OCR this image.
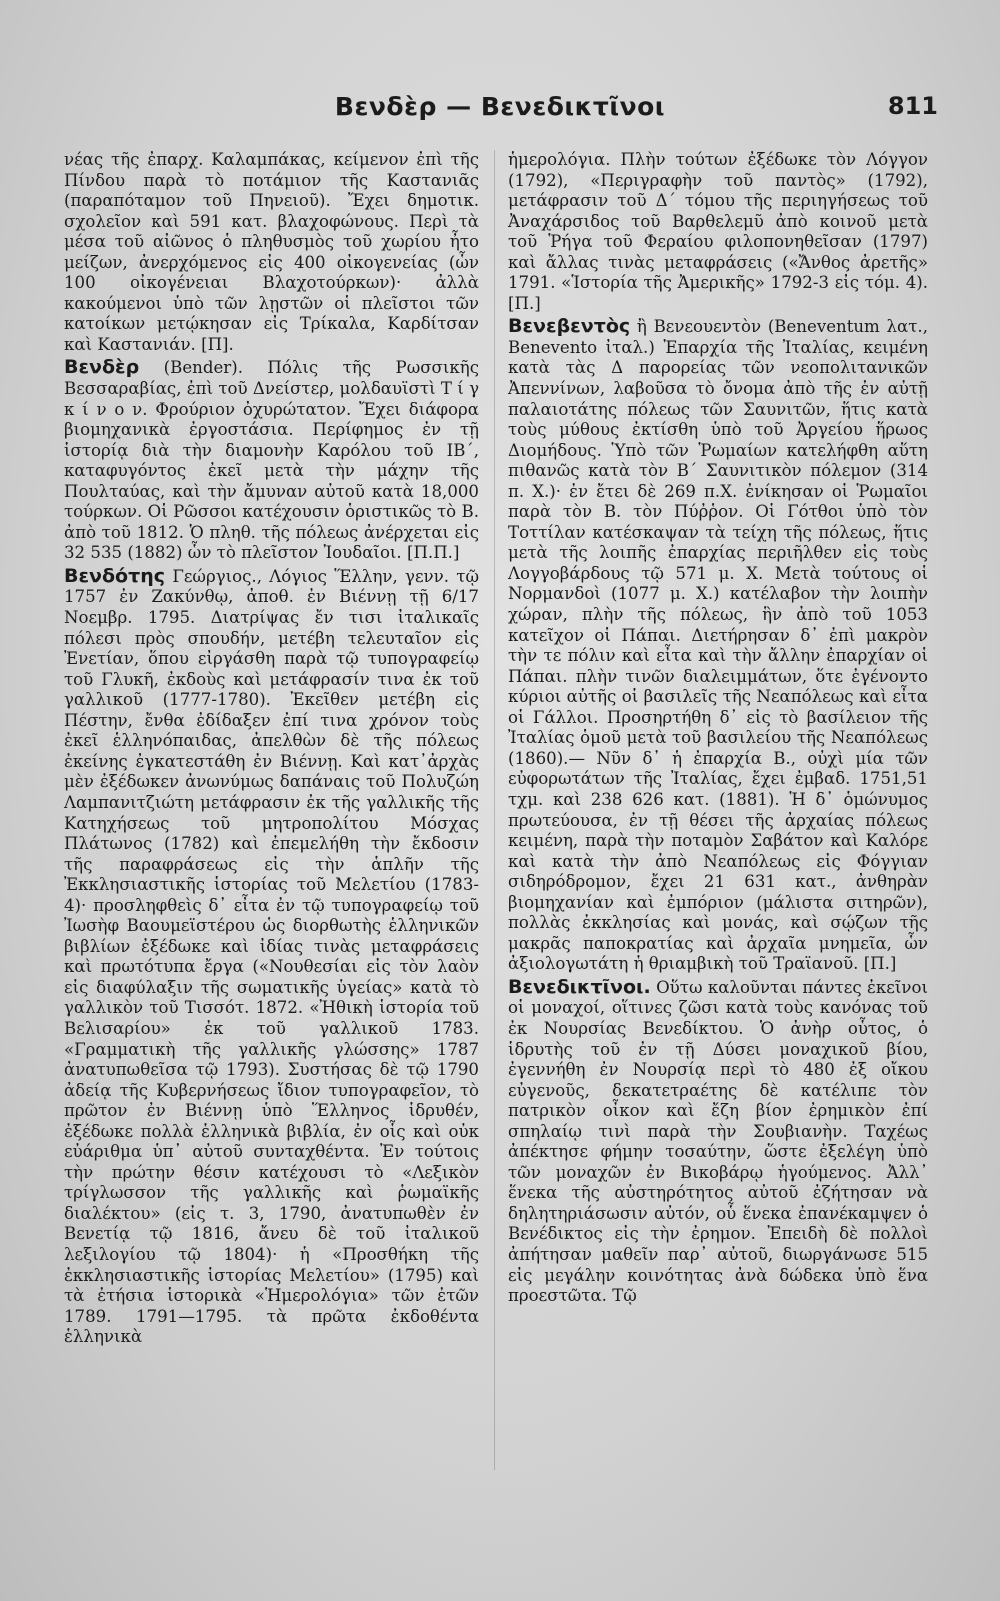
Βενδὲρ — Βενεδικτῖνοι	811

νέας τῆς ἐπαρχ. Καλαμπάκας, κείμενον ἐπὶ τῆς Πίνδου παρὰ τὸ ποτάμιον τῆς Καστανιᾶς (παραπόταμον τοῦ Πηνειοῦ). Ἔχει δημοτικ. σχολεῖον καὶ 591 κατ. βλαχοφώνους. Περὶ τὰ μέσα τοῦ αἰῶνος ὁ πληθυσμὸς τοῦ χωρίου ἦτο μείζων, ἀνερχόμενος εἰς 400 οἰκογενείας (ὧν 100 οἰκογένειαι Βλαχοτούρκων)· ἀλλὰ κακούμενοι ὑπὸ τῶν λῃστῶν οἱ πλεῖστοι τῶν κατοίκων μετῴκησαν εἰς Τρίκαλα, Καρδίτσαν καὶ Καστανιάν. [Π].

Βενδὲρ (Bender). Πόλις τῆς Ρωσσικῆς Βεσσαραβίας, ἐπὶ τοῦ Δνείστερ, μολδαυϊστὶ Τ ί γ κ ί ν ο ν. Φρούριον ὀχυρώτατον. Ἔχει διάφορα βιομηχανικὰ ἐργοστάσια. Περίφημος ἐν τῇ ἱστορίᾳ διὰ τὴν διαμονὴν Καρόλου τοῦ ΙΒ΄, καταφυγόντος ἐκεῖ μετὰ τὴν μάχην τῆς Πουλταύας, καὶ τὴν ἄμυναν αὐτοῦ κατὰ 18,000 τούρκων. Οἱ Ρῶσσοι κατέχουσιν ὁριστικῶς τὸ Β. ἀπὸ τοῦ 1812. Ὁ πληθ. τῆς πόλεως ἀνέρχεται εἰς 32 535 (1882) ὧν τὸ πλεῖστον Ἰουδαῖοι. [Π.Π.]

Βενδότης Γεώργιος., Λόγιος Ἕλλην, γενν. τῷ 1757 ἐν Ζακύνθῳ, ἀποθ. ἐν Βιέννῃ τῇ 6/17 Νοεμβρ. 1795. Διατρίψας ἔν τισι ἰταλικαῖς πόλεσι πρὸς σπουδήν, μετέβη τελευταῖον εἰς Ἐνετίαν, ὅπου εἰργάσθη παρὰ τῷ τυπογραφείῳ τοῦ Γλυκῆ, ἐκδοὺς καὶ μετάφρασίν τινα ἐκ τοῦ γαλλικοῦ (1777-1780). Ἐκεῖθεν μετέβη εἰς Πέστην, ἔνθα ἐδίδαξεν ἐπί τινα χρόνον τοὺς ἐκεῖ ἑλληνόπαιδας, ἀπελθὼν δὲ τῆς πόλεως ἐκείνης ἐγκατεστάθη ἐν Βιέννῃ. Καὶ κατ᾽ἀρχὰς μὲν ἐξέδωκεν ἀνωνύμως δαπάναις τοῦ Πολυζώη Λαμπανιτζιώτη μετάφρασιν ἐκ τῆς γαλλικῆς τῆς Κατηχήσεως τοῦ μητροπολίτου Μόσχας Πλάτωνος (1782) καὶ ἐπεμελήθη τὴν ἔκδοσιν τῆς παραφράσεως εἰς τὴν ἁπλῆν τῆς Ἐκκλησιαστικῆς ἱστορίας τοῦ Μελετίου (1783-4)· προσληφθεὶς δ᾽ εἶτα ἐν τῷ τυπογραφείῳ τοῦ Ἰωσὴφ Βαουμεϊστέρου ὡς διορθωτὴς ἑλληνικῶν βιβλίων ἐξέδωκε καὶ ἰδίας τινὰς μεταφράσεις καὶ πρωτότυπα ἔργα («Νουθεσίαι εἰς τὸν λαὸν εἰς διαφύλαξιν τῆς σωματικῆς ὑγείας» κατὰ τὸ γαλλικὸν τοῦ Τισσότ. 1872. «Ἠθικὴ ἱστορία τοῦ Βελισαρίου» ἐκ τοῦ γαλλικοῦ 1783. «Γραμματικὴ τῆς γαλλικῆς γλώσσης» 1787 ἀνατυπωθεῖσα τῷ 1793). Συστήσας δὲ τῷ 1790 ἀδείᾳ τῆς Κυβερνήσεως ἴδιον τυπογραφεῖον, τὸ πρῶτον ἐν Βιέννῃ ὑπὸ Ἕλληνος ἱδρυθέν, ἐξέδωκε πολλὰ ἑλληνικὰ βιβλία, ἐν οἷς καὶ οὐκ εὐάριθμα ὑπ᾽ αὐτοῦ συνταχθέντα. Ἐν τούτοις τὴν πρώτην θέσιν κατέχουσι τὸ «Λεξικὸν τρίγλωσσον τῆς γαλλικῆς καὶ ῥωμαϊκῆς διαλέκτου» (εἰς τ. 3, 1790, ἀνατυπωθὲν ἐν Βενετίᾳ τῷ 1816, ἄνευ δὲ τοῦ ἰταλικοῦ λεξιλογίου τῷ 1804)· ἡ «Προσθήκη τῆς ἐκκλησιαστικῆς ἱστορίας Μελετίου» (1795) καὶ τὰ ἐτήσια ἱστορικὰ «Ἡμερολόγια» τῶν ἐτῶν 1789. 1791—1795. τὰ πρῶτα ἐκδοθέντα ἑλληνικὰ

ἡμερολόγια. Πλὴν τούτων ἐξέδωκε τὸν Λόγγον (1792), «Περιγραφὴν τοῦ παντὸς» (1792), μετάφρασιν τοῦ Δ΄ τόμου τῆς περιηγήσεως τοῦ Ἀναχάρσιδος τοῦ Βαρθελεμῦ ἀπὸ κοινοῦ μετὰ τοῦ Ῥήγα τοῦ Φεραίου φιλοπονηθεῖσαν (1797) καὶ ἄλλας τινὰς μεταφράσεις («Ἄνθος ἀρετῆς» 1791. «Ἱστορία τῆς Ἀμερικῆς» 1792-3 εἰς τόμ. 4). [Π.]

Βενεβεντὸς ἢ Βενεουεντὸν (Beneventum λατ., Benevento ἰταλ.) Ἐπαρχία τῆς Ἰταλίας, κειμένη κατὰ τὰς Δ παρορείας τῶν νεοπολιτανικῶν Ἀπεννίνων, λαβοῦσα τὸ ὄνομα ἀπὸ τῆς ἐν αὐτῇ παλαιοτάτης πόλεως τῶν Σαυνιτῶν, ἥτις κατὰ τοὺς μύθους ἐκτίσθη ὑπὸ τοῦ Ἀργείου ἥρωος Διομήδους. Ὑπὸ τῶν Ῥωμαίων κατελήφθη αὕτη πιθανῶς κατὰ τὸν Β΄ Σαυνιτικὸν πόλεμον (314 π. Χ.)· ἐν ἔτει δὲ 269 π.Χ. ἐνίκησαν οἱ Ῥωμαῖοι παρὰ τὸν Β. τὸν Πύῤῥον. Οἱ Γότθοι ὑπὸ τὸν Τοττίλαν κατέσκαψαν τὰ τείχη τῆς πόλεως, ἥτις μετὰ τῆς λοιπῆς ἐπαρχίας περιῆλθεν εἰς τοὺς Λογγοβάρδους τῷ 571 μ. Χ. Μετὰ τούτους οἱ Νορμανδοὶ (1077 μ. Χ.) κατέλαβον τὴν λοιπὴν χώραν, πλὴν τῆς πόλεως, ἣν ἀπὸ τοῦ 1053 κατεῖχον οἱ Πάπαι. Διετήρησαν δ᾽ ἐπὶ μακρὸν τὴν τε πόλιν καὶ εἶτα καὶ τὴν ἄλλην ἐπαρχίαν οἱ Πάπαι. πλὴν τινῶν διαλειμμάτων, ὅτε ἐγένοντο κύριοι αὐτῆς οἱ βασιλεῖς τῆς Νεαπόλεως καὶ εἶτα οἱ Γάλλοι. Προσηρτήθη δ᾽ εἰς τὸ βασίλειον τῆς Ἰταλίας ὁμοῦ μετὰ τοῦ βασιλείου τῆς Νεαπόλεως (1860).— Νῦν δ᾽ ἡ ἐπαρχία Β., οὐχὶ μία τῶν εὐφορωτάτων τῆς Ἰταλίας, ἔχει ἐμβαδ. 1751,51 τχμ. καὶ 238 626 κατ. (1881). Ἡ δ᾽ ὁμώνυμος πρωτεύουσα, ἐν τῇ θέσει τῆς ἀρχαίας πόλεως κειμένη, παρὰ τὴν ποταμὸν Σαβάτον καὶ Καλόρε καὶ κατὰ τὴν ἀπὸ Νεαπόλεως εἰς Φόγγιαν σιδηρόδρομον, ἔχει 21 631 κατ., ἀνθηρὰν βιομηχανίαν καὶ ἐμπόριον (μάλιστα σιτηρῶν), πολλὰς ἐκκλησίας καὶ μονάς, καὶ σῴζων τῆς μακρᾶς παποκρατίας καὶ ἀρχαῖα μνημεῖα, ὧν ἀξιολογωτάτη ἡ θριαμβικὴ τοῦ Τραϊανοῦ. [Π.]

Βενεδικτῖνοι. Οὕτω καλοῦνται πάντες ἐκεῖνοι οἱ μοναχοί, οἵτινες ζῶσι κατὰ τοὺς κανόνας τοῦ ἐκ Νουρσίας Βενεδίκτου. Ὁ ἀνὴρ οὗτος, ὁ ἱδρυτὴς τοῦ ἐν τῇ Δύσει μοναχικοῦ βίου, ἐγεννήθη ἐν Νουρσίᾳ περὶ τὸ 480 ἐξ οἴκου εὐγενοῦς, δεκατετραέτης δὲ κατέλιπε τὸν πατρικὸν οἶκον καὶ ἔζη βίον ἐρημικὸν ἐπί σπηλαίῳ τινὶ παρὰ τὴν Σουβιανὴν. Ταχέως ἀπέκτησε φήμην τοσαύτην, ὥστε ἐξελέγη ὑπὸ τῶν μοναχῶν ἐν Βικοβάρῳ ἡγούμενος. Ἀλλ᾽ ἕνεκα τῆς αὐστηρότητος αὐτοῦ ἐζήτησαν νὰ δηλητηριάσωσιν αὐτόν, οὗ ἕνεκα ἐπανέκαμψεν ὁ Βενέδικτος εἰς τὴν ἐρημον. Ἐπειδὴ δὲ πολλοὶ ἀπήτησαν μαθεῖν παρ᾽ αὐτοῦ, διωργάνωσε 515 εἰς μεγάλην κοινότητας ἀνὰ δώδεκα ὑπὸ ἕνα προεστῶτα. Τῷ
